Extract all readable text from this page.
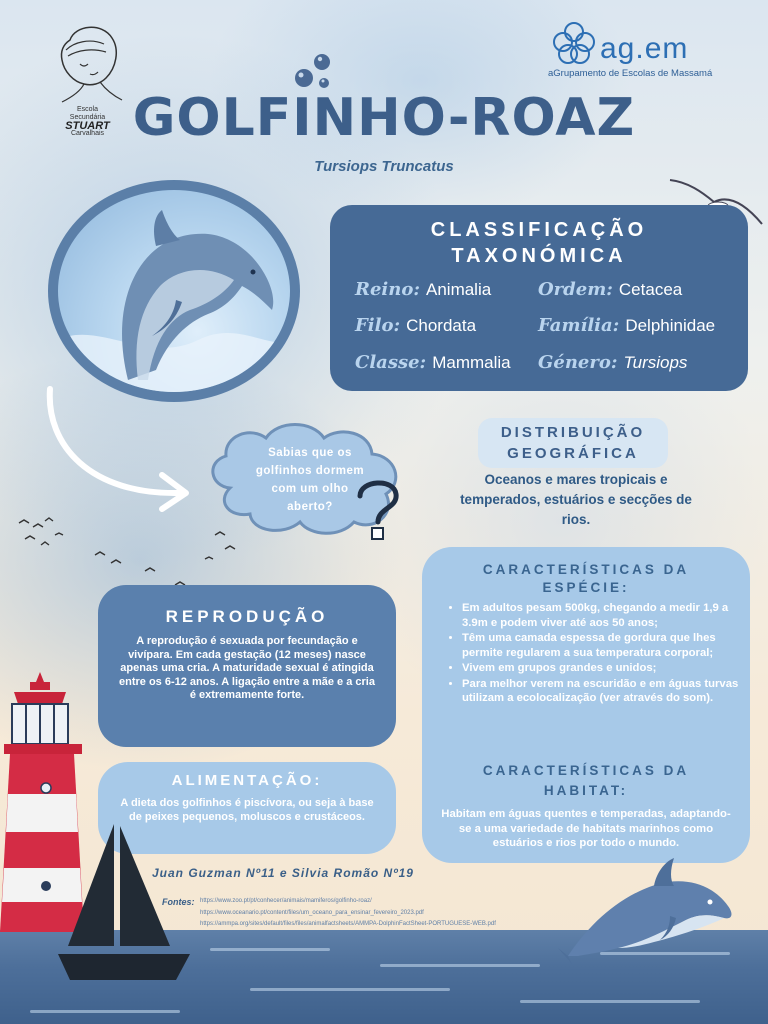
Escola
Secundária
STUART
Carvalhais
ag.em
aGrupamento de Escolas de Massamá
GOLFINHO-ROAZ
Tursiops Truncatus
CLASSIFICAÇÃO
TAXONÓMICA
Reino: Animalia	Ordem: Cetacea
Filo: Chordata	Família: Delphinidae
Classe: Mammalia Género: Tursiops
Sabias que os
golfinhos dormem
com um olho
aberto?
DISTRIBUIÇÃO
GEOGRÁFICA
Oceanos e mares tropicais e temperados, estuários e secções de rios.
REPRODUÇÃO
A reprodução é sexuada por fecundação e vivípara. Em cada gestação (12 meses) nasce apenas uma cria. A maturidade sexual é atingida entre os 6-12 anos. A ligação entre a mãe e a cria é extremamente forte.
ALIMENTAÇÃO:
A dieta dos golfinhos é piscívora, ou seja à base de peixes pequenos, moluscos e crustáceos.
CARACTERÍSTICAS DA
ESPÉCIE:
• Em adultos pesam 500kg, chegando a medir 1,9 a 3.9m e podem viver até aos 50 anos;
• Têm uma camada espessa de gordura que lhes permite regularem a sua temperatura corporal;
• Vivem em grupos grandes e unidos;
• Para melhor verem na escuridão e em águas turvas utilizam a ecolocalização (ver através do som).
CARACTERÍSTICAS DA
HABITAT:
Habitam em águas quentes e temperadas, adaptando-se a uma variedade de habitats marinhos como estuários e rios por todo o mundo.
Juan Guzman Nº11 e Silvia Romão Nº19
Fontes: https://www.zoo.pt/pt/conhecer/animais/mamiferos/golfinho-roaz/
https://www.oceanario.pt/content/files/um_oceano_para_ensinar_fevereiro_2023.pdf
https://ammpa.org/sites/default/files/files/animalfactsheets/AMMPA-DolphinFactSheet-PORTUGUESE-WEB.pdf
